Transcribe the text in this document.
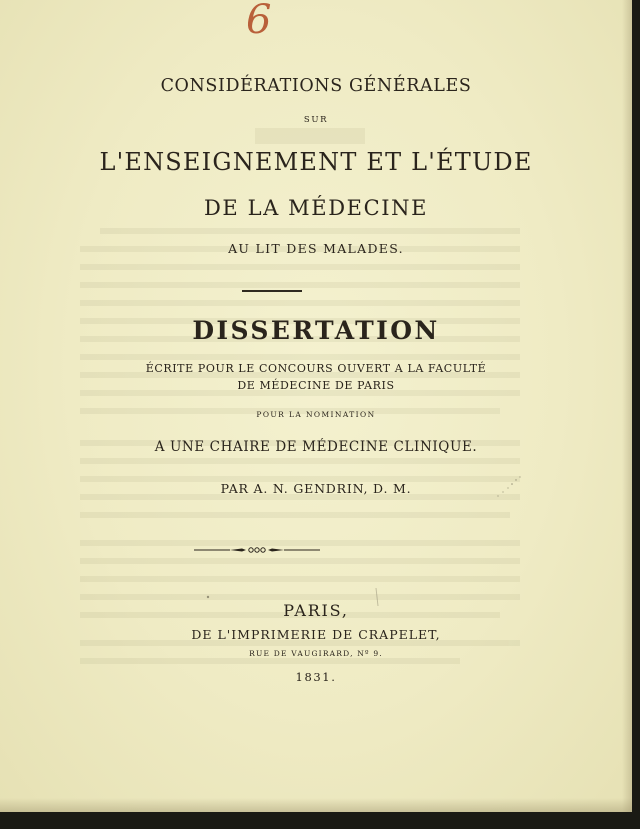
6
CONSIDÉRATIONS GÉNÉRALES
SUR
L'ENSEIGNEMENT ET L'ÉTUDE
DE LA MÉDECINE
AU LIT DES MALADES.
DISSERTATION
ÉCRITE POUR LE CONCOURS OUVERT A LA FACULTÉ
DE MÉDECINE DE PARIS
POUR LA NOMINATION
A UNE CHAIRE DE MÉDECINE CLINIQUE.
PAR A. N. GENDRIN, D. M.
PARIS,
DE L'IMPRIMERIE DE CRAPELET,
RUE DE VAUGIRARD, Nº 9.
1831.
